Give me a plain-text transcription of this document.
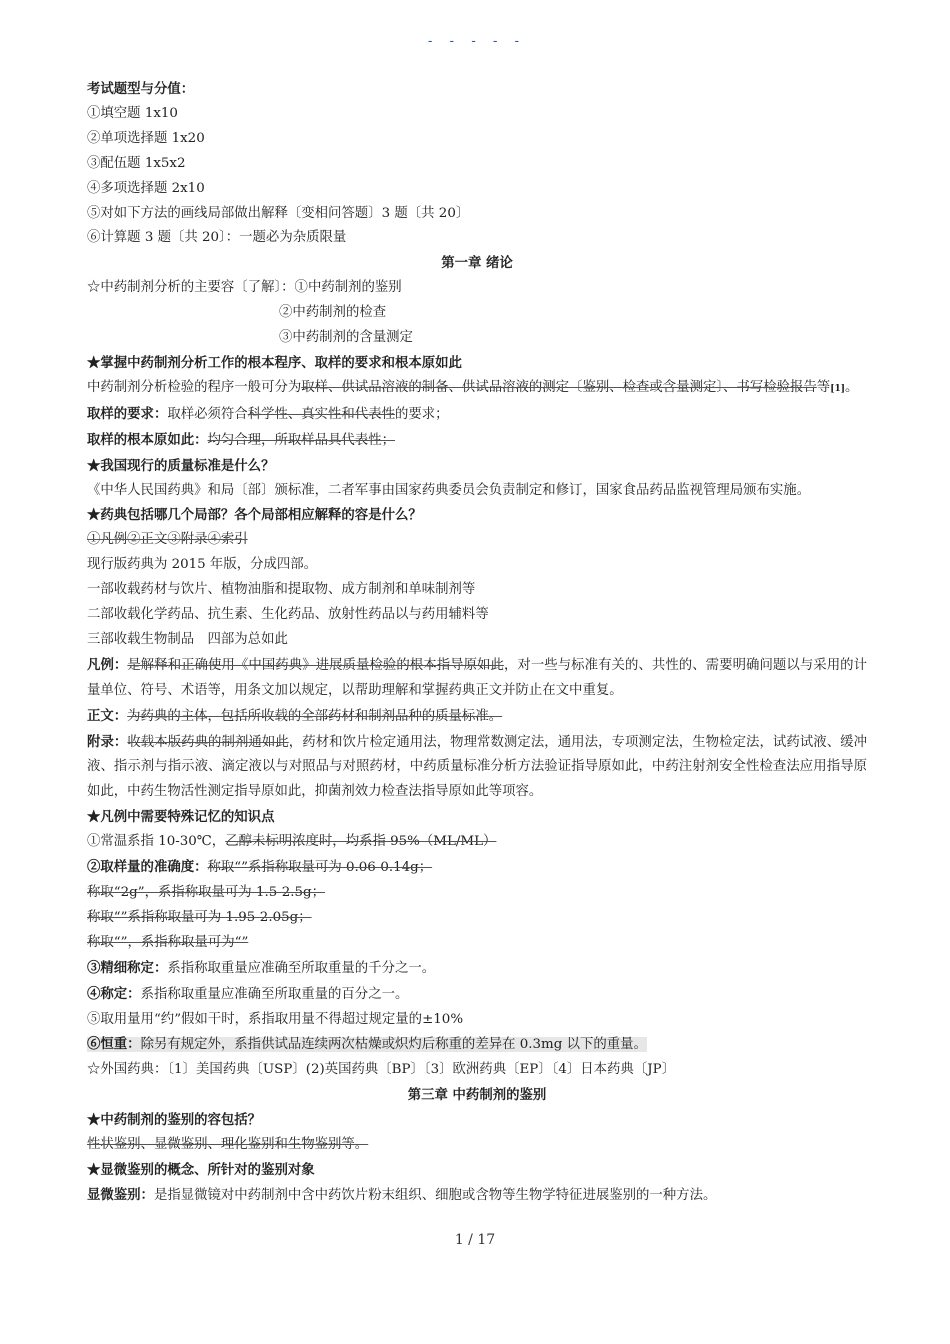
- - - - -
考试题型与分值：
①填空题 1x10
②单项选择题 1x20
③配伍题 1x5x2
④多项选择题 2x10
⑤对如下方法的画线局部做出解释〔变相问答题〕3 题〔共 20〕
⑥计算题 3 题〔共 20〕：一题必为杂质限量
第一章 绪论
☆中药制剂分析的主要容〔了解〕：①中药制剂的鉴别
②中药制剂的检查
③中药制剂的含量测定
★掌握中药制剂分析工作的根本程序、取样的要求和根本原如此
中药制剂分析检验的程序一般可分为取样、供试品溶液的制备、供试品溶液的测定〔鉴别、检查或含量测定〕、书写检验报告等[1]。
取样的要求：取样必须符合科学性、真实性和代表性的要求；
取样的根本原如此：均匀合理，所取样品具代表性；
★我国现行的质量标准是什么？
《中华人民国药典》和局〔部〕颁标准，二者军事由国家药典委员会负责制定和修订，国家食品药品监视管理局颁布实施。
★药典包括哪几个局部？各个局部相应解释的容是什么？
①凡例②正文③附录④索引
现行版药典为 2015 年版，分成四部。
一部收载药材与饮片、植物油脂和提取物、成方制剂和单味制剂等
二部收载化学药品、抗生素、生化药品、放射性药品以与药用辅料等
三部收载生物制品　四部为总如此
凡例：是解释和正确使用《中国药典》进展质量检验的根本指导原如此，对一些与标准有关的、共性的、需要明确问题以与采用的计量单位、符号、术语等，用条文加以规定，以帮助理解和掌握药典正文并防止在文中重复。
正文：为药典的主体，包括所收载的全部药材和制剂品种的质量标准。
附录：收载本版药典的制剂通如此，药材和饮片检定通用法，物理常数测定法，通用法，专项测定法，生物检定法，试药试液、缓冲液、指示剂与指示液、滴定液以与对照品与对照药材，中药质量标准分析方法验证指导原如此，中药注射剂安全性检查法应用指导原如此，中药生物活性测定指导原如此，抑菌剂效力检查法指导原如此等项容。
★凡例中需要特殊记忆的知识点
①常温系指 10-30℃，乙醇未标明浓度时，均系指 95%（ML/ML）
②取样量的准确度：称取“”系指称取量可为 0.06-0.14g；
称取“2g”，系指称取量可为 1.5-2.5g；
称取“”系指称取量可为 1.95-2.05g；
称取“”，系指称取量可为“”
③精细称定：系指称取重量应准确至所取重量的千分之一。
④称定：系指称取重量应准确至所取重量的百分之一。
⑤取用量用“约”假如干时，系指取用量不得超过规定量的±10%
⑥恒重：除另有规定外，系指供试品连续两次枯燥或炽灼后称重的差异在 0.3mg 以下的重量。
☆外国药典：〔1〕美国药典〔USP〕(2)英国药典〔BP〕〔3〕欧洲药典〔EP〕〔4〕日本药典〔JP〕
第三章 中药制剂的鉴别
★中药制剂的鉴别的容包括？
性状鉴别、显微鉴别、理化鉴别和生物鉴别等。
★显微鉴别的概念、所针对的鉴别对象
显微鉴别：是指显微镜对中药制剂中含中药饮片粉末组织、细胞或含物等生物学特征进展鉴别的一种方法。
1 / 17
